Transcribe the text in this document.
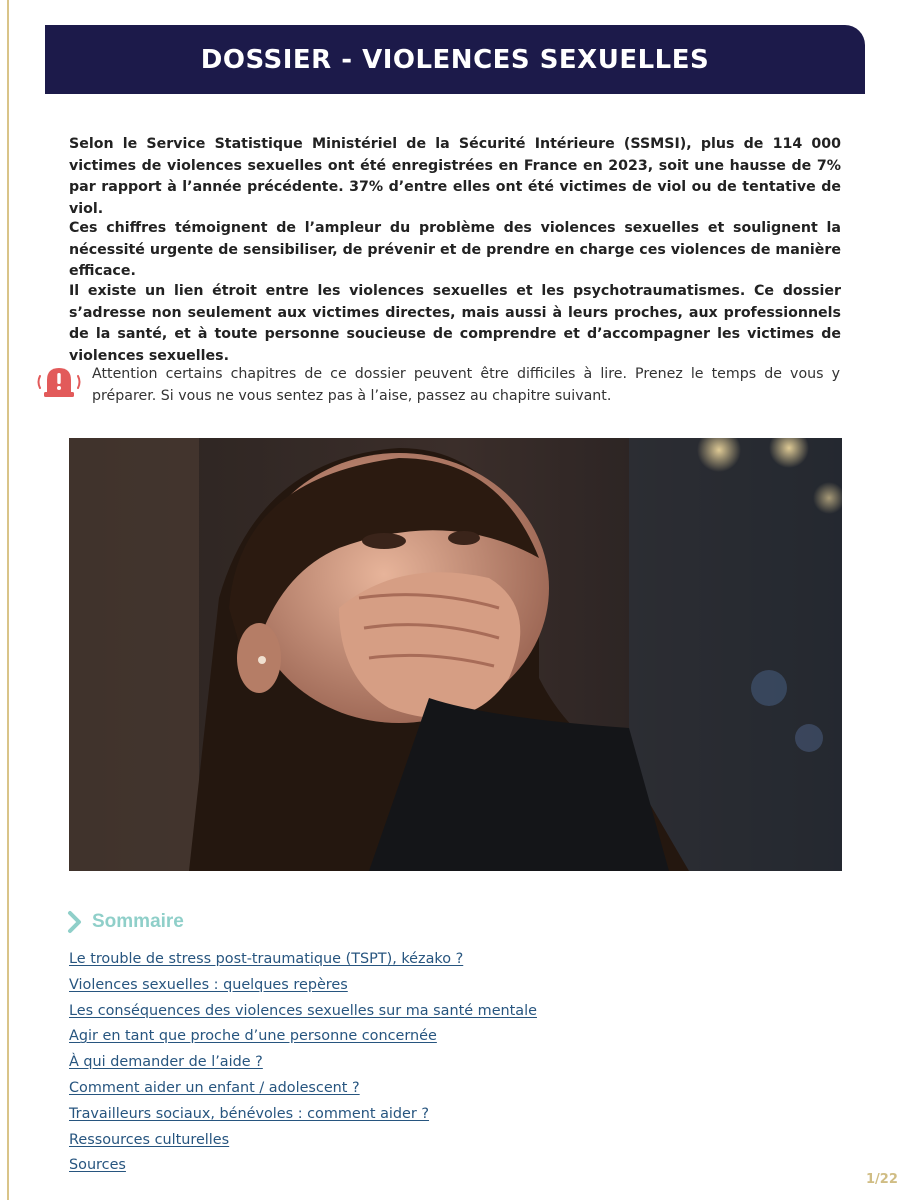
DOSSIER - VIOLENCES SEXUELLES

Selon le Service Statistique Ministériel de la Sécurité Intérieure (SSMSI), plus de 114 000 victimes de violences sexuelles ont été enregistrées en France en 2023, soit une hausse de 7% par rapport à l’année précédente. 37% d’entre elles ont été victimes de viol ou de tentative de viol.

Ces chiffres témoignent de l’ampleur du problème des violences sexuelles et soulignent la nécessité urgente de sensibiliser, de prévenir et de prendre en charge ces violences de manière efficace.

Il existe un lien étroit entre les violences sexuelles et les psychotraumatismes. Ce dossier s’adresse non seulement aux victimes directes, mais aussi à leurs proches, aux professionnels de la santé, et à toute personne soucieuse de comprendre et d’accompagner les victimes de violences sexuelles.

Attention certains chapitres de ce dossier peuvent être difficiles à lire. Prenez le temps de vous y préparer. Si vous ne vous sentez pas à l’aise, passez au chapitre suivant.

Sommaire
Le trouble de stress post-traumatique (TSPT), kézako ?
Violences sexuelles : quelques repères
Les conséquences des violences sexuelles sur ma santé mentale
Agir en tant que proche d’une personne concernée
À qui demander de l’aide ?
Comment aider un enfant / adolescent ?
Travailleurs sociaux, bénévoles : comment aider ?
Ressources culturelles
Sources
1/22
